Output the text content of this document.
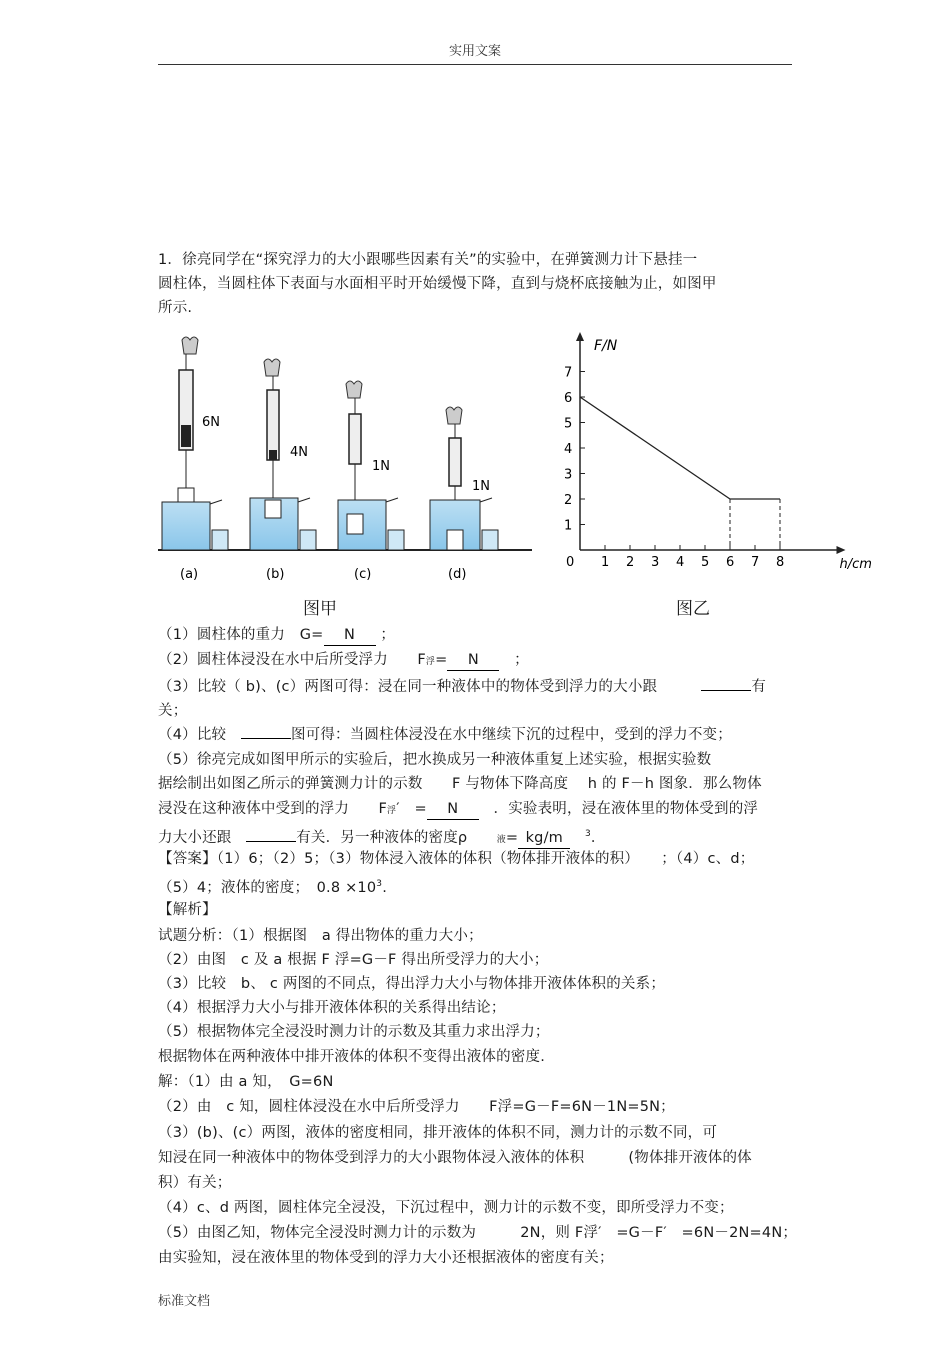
实用文案
1．徐亮同学在“探究浮力的大小跟哪些因素有关”的实验中，在弹簧测力计下悬挂一
圆柱体，当圆柱体下表面与水面相平时开始缓慢下降，直到与烧杯底接触为止，如图甲
所示.
6N
(a)
4N
(b)
1N
(c)
1N
(d)
图甲
F/N
h/cm
0 1 2 3 4 5 6 7 8
1
2
3
4
5
6
7
图乙
（1）圆柱体的重力　 G= N ；
（2）圆柱体浸没在水中后所受浮力　　 F浮= N　 ；
（3）比较（ b)、(c）两图可得：浸在同一种液体中的物体受到浮力的大小跟　　　	有
关；
（4）比较　	图可得：当圆柱体浸没在水中继续下沉的过程中，受到的浮力不变；
（5）徐亮完成如图甲所示的实验后，把水换成另一种液体重复上述实验，根据实验数
据绘制出如图乙所示的弹簧测力计的示数　　F 与物体下降高度　 h 的 F－h 图象．那么物体
浸没在这种液体中受到的浮力　　F浮′　= N　 ．实验表明，浸在液体里的物体受到的浮
力大小还跟　	有关．另一种液体的密度ρ　　	液= kg/m　 $^3$．
【答案】（1）6；（2）5；（3）物体浸入液体的体积（物体排开液体的积）　　；（4）c、d；
（5）4；液体的密度；　$0.8 \times 10^3$.
【解析】
试题分析：（1）根据图　a 得出物体的重力大小；
（2）由图　c 及 a 根据 F 浮=G－F 得出所受浮力的大小；
（3）比较　b、 c 两图的不同点，得出浮力大小与物体排开液体体积的关系；
（4）根据浮力大小与排开液体体积的关系得出结论；
（5）根据物体完全浸没时测力计的示数及其重力求出浮力；
根据物体在两种液体中排开液体的体积不变得出液体的密度.
解：（1）由 a 知，　G=6N
（2）由　c 知，圆柱体浸没在水中后所受浮力　　F浮=G－F=6N－1N=5N；
（3）(b)、(c）两图，液体的密度相同，排开液体的体积不同，测力计的示数不同，可
知浸在同一种液体中的物体受到浮力的大小跟物体浸入液体的体积　　　(物体排开液体的体
积）有关；
（4）c、d 两图，圆柱体完全浸没，下沉过程中，测力计的示数不变，即所受浮力不变；
（5）由图乙知，物体完全浸没时测力计的示数为　　　2N，则 F浮′　=G－F′　=6N－2N=4N；
由实验知，浸在液体里的物体受到的浮力大小还根据液体的密度有关；
标准文档
